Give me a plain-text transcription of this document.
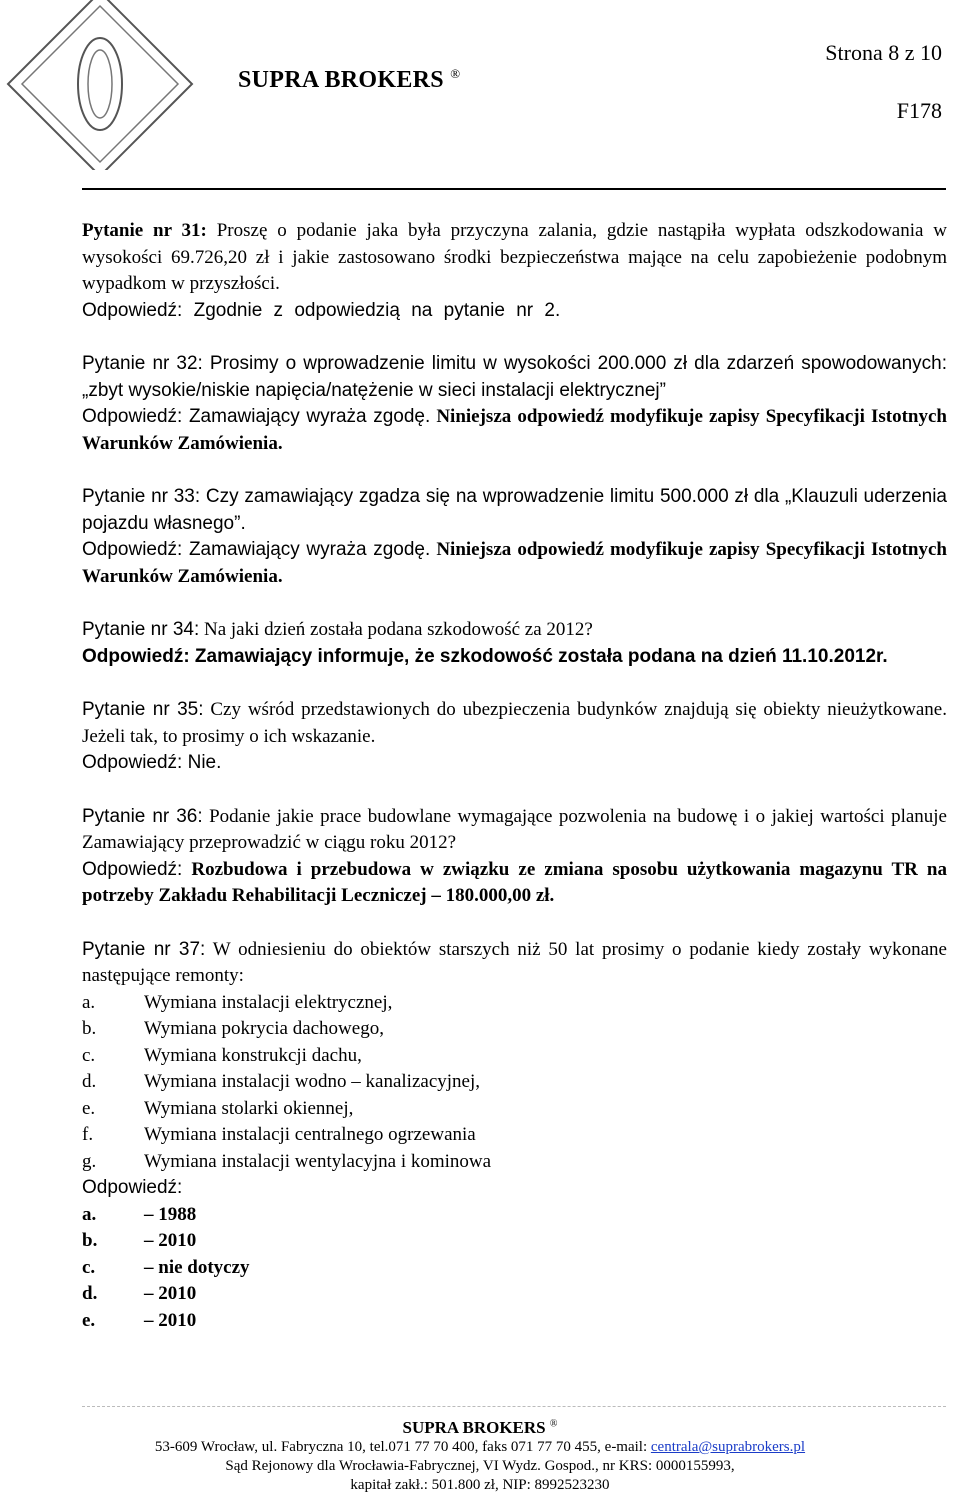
Strona 8 z 10
SUPRA BROKERS ®
F178
Pytanie nr 31: Proszę o podanie jaka była przyczyna zalania, gdzie nastąpiła wypłata odszkodowania w wysokości 69.726,20 zł i jakie zastosowano środki bezpieczeństwa mające na celu zapobieżenie podobnym wypadkom w przyszłości.
Odpowiedź: Zgodnie z odpowiedzią na pytanie nr 2.
Pytanie nr 32: Prosimy o wprowadzenie limitu w wysokości 200.000 zł dla zdarzeń spowodowanych: „zbyt wysokie/niskie napięcia/natężenie w sieci instalacji elektrycznej”
Odpowiedź: Zamawiający wyraża zgodę. Niniejsza odpowiedź modyfikuje zapisy Specyfikacji Istotnych Warunków Zamówienia.
Pytanie nr 33: Czy zamawiający zgadza się na wprowadzenie limitu 500.000 zł dla „Klauzuli uderzenia pojazdu własnego”.
Odpowiedź: Zamawiający wyraża zgodę. Niniejsza odpowiedź modyfikuje zapisy Specyfikacji Istotnych Warunków Zamówienia.
Pytanie nr 34: Na jaki dzień została podana szkodowość za 2012?
Odpowiedź: Zamawiający informuje, że szkodowość została podana na dzień 11.10.2012r.
Pytanie nr 35: Czy wśród przedstawionych do ubezpieczenia budynków znajdują się obiekty nieużytkowane. Jeżeli tak, to prosimy o ich wskazanie.
Odpowiedź: Nie.
Pytanie nr 36: Podanie jakie prace budowlane wymagające pozwolenia na budowę i o jakiej wartości planuje Zamawiający przeprowadzić w ciągu roku 2012?
Odpowiedź: Rozbudowa i przebudowa w związku ze zmiana sposobu użytkowania magazynu TR na potrzeby Zakładu Rehabilitacji Leczniczej – 180.000,00 zł.
Pytanie nr 37: W odniesieniu do obiektów starszych niż 50 lat prosimy o podanie kiedy zostały wykonane następujące remonty:
a.	Wymiana instalacji elektrycznej,
b.	Wymiana pokrycia dachowego,
c.	Wymiana konstrukcji dachu,
d.	Wymiana instalacji wodno – kanalizacyjnej,
e.	Wymiana stolarki okiennej,
f.	Wymiana instalacji centralnego ogrzewania
g.	Wymiana instalacji wentylacyjna i kominowa
Odpowiedź:
a.	– 1988
b.	– 2010
c.	– nie dotyczy
d.	– 2010
e.	– 2010
SUPRA BROKERS ®
53-609 Wrocław, ul. Fabryczna 10, tel.071 77 70 400, faks 071 77 70 455, e-mail: centrala@suprabrokers.pl
Sąd Rejonowy dla Wrocławia-Fabrycznej, VI Wydz. Gospod., nr KRS: 0000155993,
kapitał zakł.: 501.800 zł, NIP: 8992523230
